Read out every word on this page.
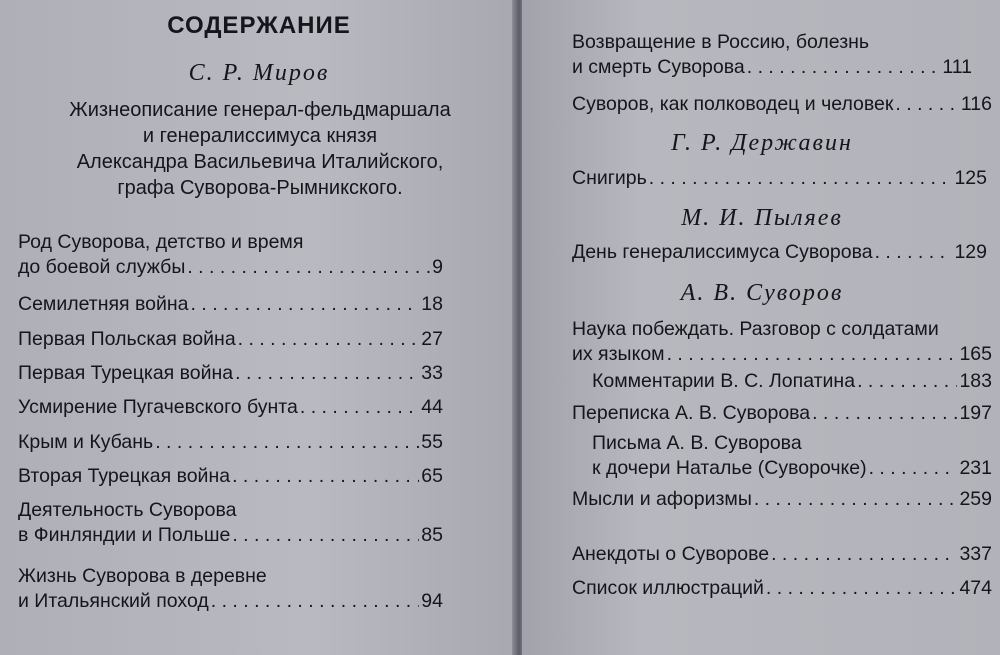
СОДЕРЖАНИЕ
С. Р. Миров
Жизнеописание генерал-фельдмаршала
и генералиссимуса князя
Александра Васильевича Италийского,
графа Суворова-Рымникского.
Род Суворова, детство и время
до боевой службы . . .	9
Семилетняя война . . .	18
Первая Польская война . . .	27
Первая Турецкая война . . .	33
Усмирение Пугачевского бунта . . .	44
Крым и Кубань . . .	55
Вторая Турецкая война . . .	65
Деятельность Суворова
в Финляндии и Польше . . .	85
Жизнь Суворова в деревне
и Итальянский поход . . .	94
Возвращение в Россию, болезнь
и смерть Суворова . . .	111
Суворов, как полководец и человек . . .	116
Г. Р. Державин
Снигирь . . .	125
М. И. Пыляев
День генералиссимуса Суворова . . .	129
А. В. Суворов
Наука побеждать. Разговор с солдатами
их языком . . .	165
Комментарии В. С. Лопатина . . .	183
Переписка А. В. Суворова . . .	197
Письма А. В. Суворова
к дочери Наталье (Суворочке) . . .	231
Мысли и афоризмы . . .	259
Анекдоты о Суворове . . .	337
Список иллюстраций . . .	474
